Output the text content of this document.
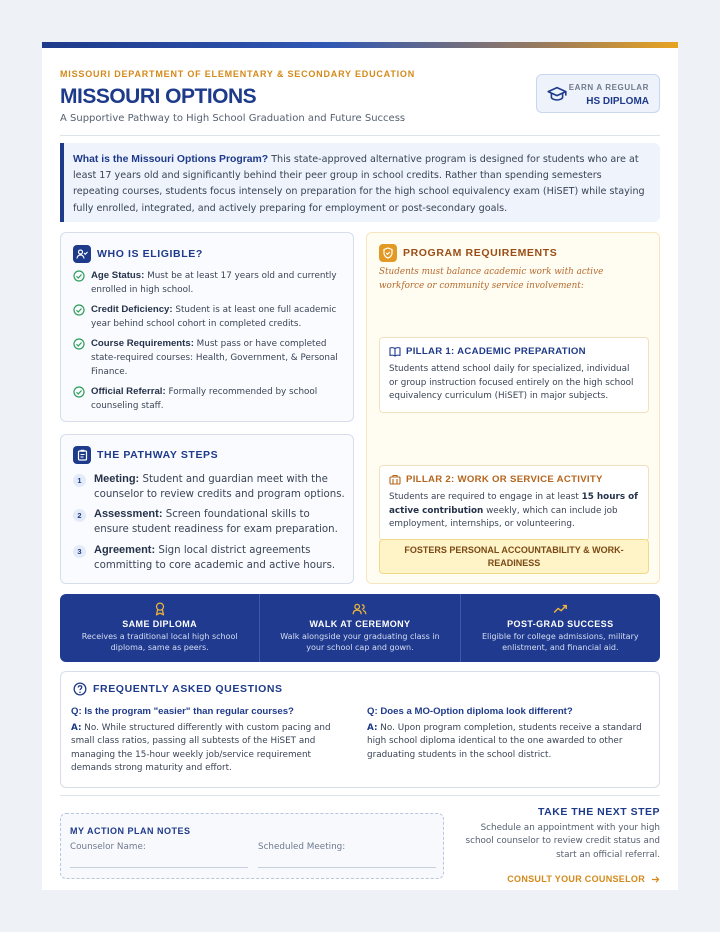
MISSOURI DEPARTMENT OF ELEMENTARY & SECONDARY EDUCATION
MISSOURI OPTIONS
A Supportive Pathway to High School Graduation and Future Success
EARN A REGULAR
HS DIPLOMA
What is the Missouri Options Program? This state-approved alternative program is designed for students who are at least 17 years old and significantly behind their peer group in school credits. Rather than spending semesters repeating courses, students focus intensely on preparation for the high school equivalency exam (HiSET) while staying fully enrolled, integrated, and actively preparing for employment or post-secondary goals.
WHO IS ELIGIBLE?
Age Status: Must be at least 17 years old and currently enrolled in high school.
Credit Deficiency: Student is at least one full academic year behind school cohort in completed credits.
Course Requirements: Must pass or have completed state-required courses: Health, Government, & Personal Finance.
Official Referral: Formally recommended by school counseling staff.
THE PATHWAY STEPS
1	Meeting: Student and guardian meet with the counselor to review credits and program options.
2	Assessment: Screen foundational skills to ensure student readiness for exam preparation.
3	Agreement: Sign local district agreements committing to core academic and active hours.
PROGRAM REQUIREMENTS
Students must balance academic work with active workforce or community service involvement:
PILLAR 1: ACADEMIC PREPARATION
Students attend school daily for specialized, individual or group instruction focused entirely on the high school equivalency curriculum (HiSET) in major subjects.
PILLAR 2: WORK OR SERVICE ACTIVITY
Students are required to engage in at least 15 hours of active contribution weekly, which can include job employment, internships, or volunteering.
FOSTERS PERSONAL ACCOUNTABILITY & WORK-READINESS
SAME DIPLOMA
Receives a traditional local high school diploma, same as peers.
WALK AT CEREMONY
Walk alongside your graduating class in your school cap and gown.
POST-GRAD SUCCESS
Eligible for college admissions, military enlistment, and financial aid.
FREQUENTLY ASKED QUESTIONS
Q: Is the program "easier" than regular courses?
A: No. While structured differently with custom pacing and small class ratios, passing all subtests of the HiSET and managing the 15-hour weekly job/service requirement demands strong maturity and effort.
Q: Does a MO-Option diploma look different?
A: No. Upon program completion, students receive a standard high school diploma identical to the one awarded to other graduating students in the school district.
MY ACTION PLAN NOTES
Counselor Name:	Scheduled Meeting:
TAKE THE NEXT STEP
Schedule an appointment with your high school counselor to review credit status and start an official referral.
CONSULT YOUR COUNSELOR
